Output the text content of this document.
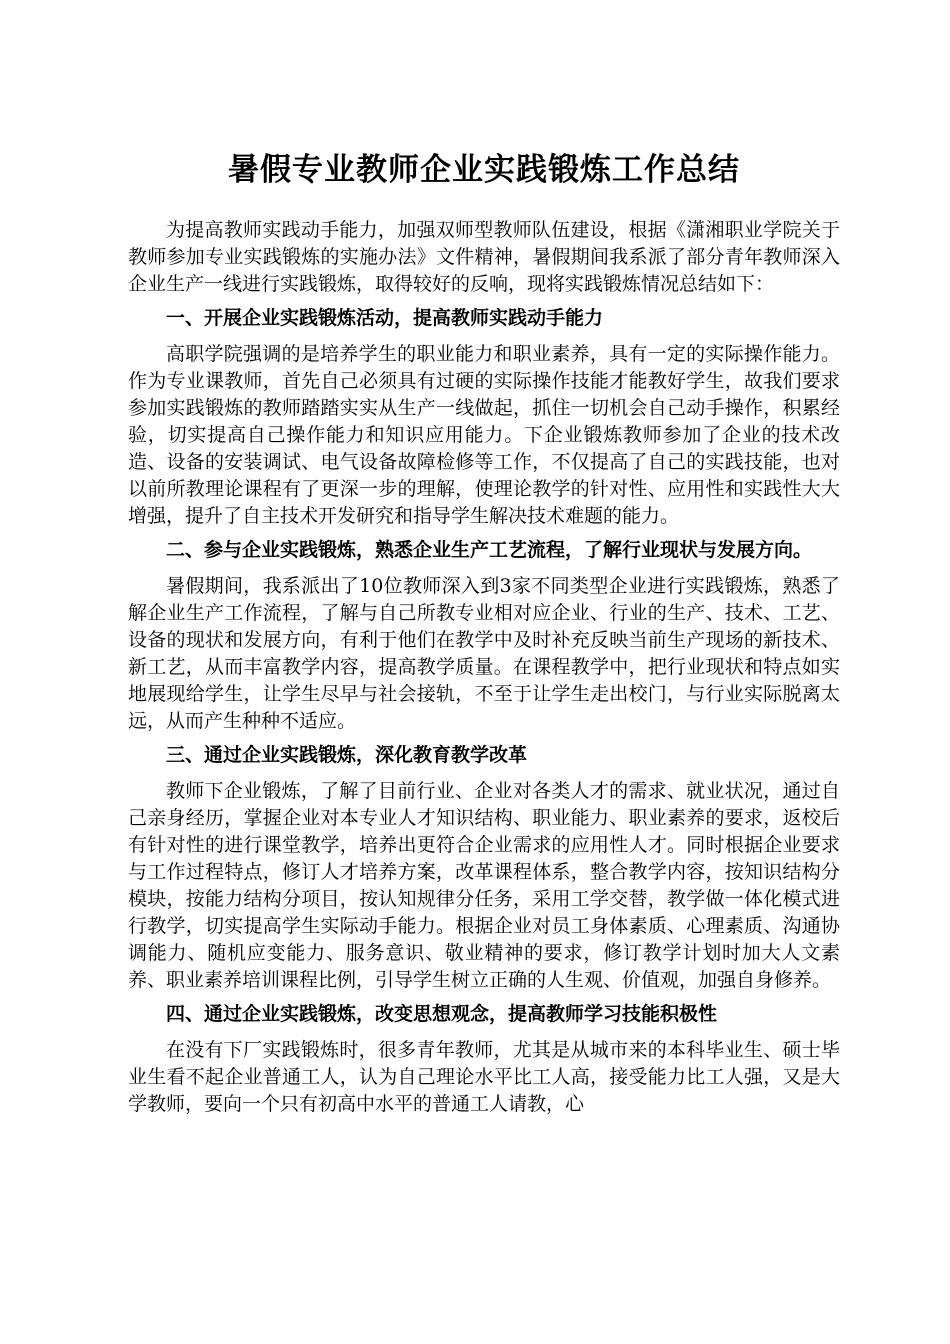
暑假专业教师企业实践锻炼工作总结

为提高教师实践动手能力，加强双师型教师队伍建设，根据《潇湘职业学院关于教师参加专业实践锻炼的实施办法》文件精神，暑假期间我系派了部分青年教师深入企业生产一线进行实践锻炼，取得较好的反响，现将实践锻炼情况总结如下：

一、开展企业实践锻炼活动，提高教师实践动手能力

高职学院强调的是培养学生的职业能力和职业素养，具有一定的实际操作能力。作为专业课教师，首先自己必须具有过硬的实际操作技能才能教好学生，故我们要求参加实践锻炼的教师踏踏实实从生产一线做起，抓住一切机会自己动手操作，积累经验，切实提高自己操作能力和知识应用能力。下企业锻炼教师参加了企业的技术改造、设备的安装调试、电气设备故障检修等工作，不仅提高了自己的实践技能，也对以前所教理论课程有了更深一步的理解，使理论教学的针对性、应用性和实践性大大增强，提升了自主技术开发研究和指导学生解决技术难题的能力。

二、参与企业实践锻炼，熟悉企业生产工艺流程，了解行业现状与发展方向。

暑假期间，我系派出了10位教师深入到3家不同类型企业进行实践锻炼，熟悉了解企业生产工作流程，了解与自己所教专业相对应企业、行业的生产、技术、工艺、设备的现状和发展方向，有利于他们在教学中及时补充反映当前生产现场的新技术、新工艺，从而丰富教学内容，提高教学质量。在课程教学中，把行业现状和特点如实地展现给学生，让学生尽早与社会接轨，不至于让学生走出校门，与行业实际脱离太远，从而产生种种不适应。

三、通过企业实践锻炼，深化教育教学改革

教师下企业锻炼，了解了目前行业、企业对各类人才的需求、就业状况，通过自己亲身经历，掌握企业对本专业人才知识结构、职业能力、职业素养的要求，返校后有针对性的进行课堂教学，培养出更符合企业需求的应用性人才。同时根据企业要求与工作过程特点，修订人才培养方案，改革课程体系，整合教学内容，按知识结构分模块，按能力结构分项目，按认知规律分任务，采用工学交替，教学做一体化模式进行教学，切实提高学生实际动手能力。根据企业对员工身体素质、心理素质、沟通协调能力、随机应变能力、服务意识、敬业精神的要求，修订教学计划时加大人文素养、职业素养培训课程比例，引导学生树立正确的人生观、价值观，加强自身修养。

四、通过企业实践锻炼，改变思想观念，提高教师学习技能积极性

在没有下厂实践锻炼时，很多青年教师，尤其是从城市来的本科毕业生、硕士毕业生看不起企业普通工人，认为自己理论水平比工人高，接受能力比工人强，又是大学教师，要向一个只有初高中水平的普通工人请教，心
